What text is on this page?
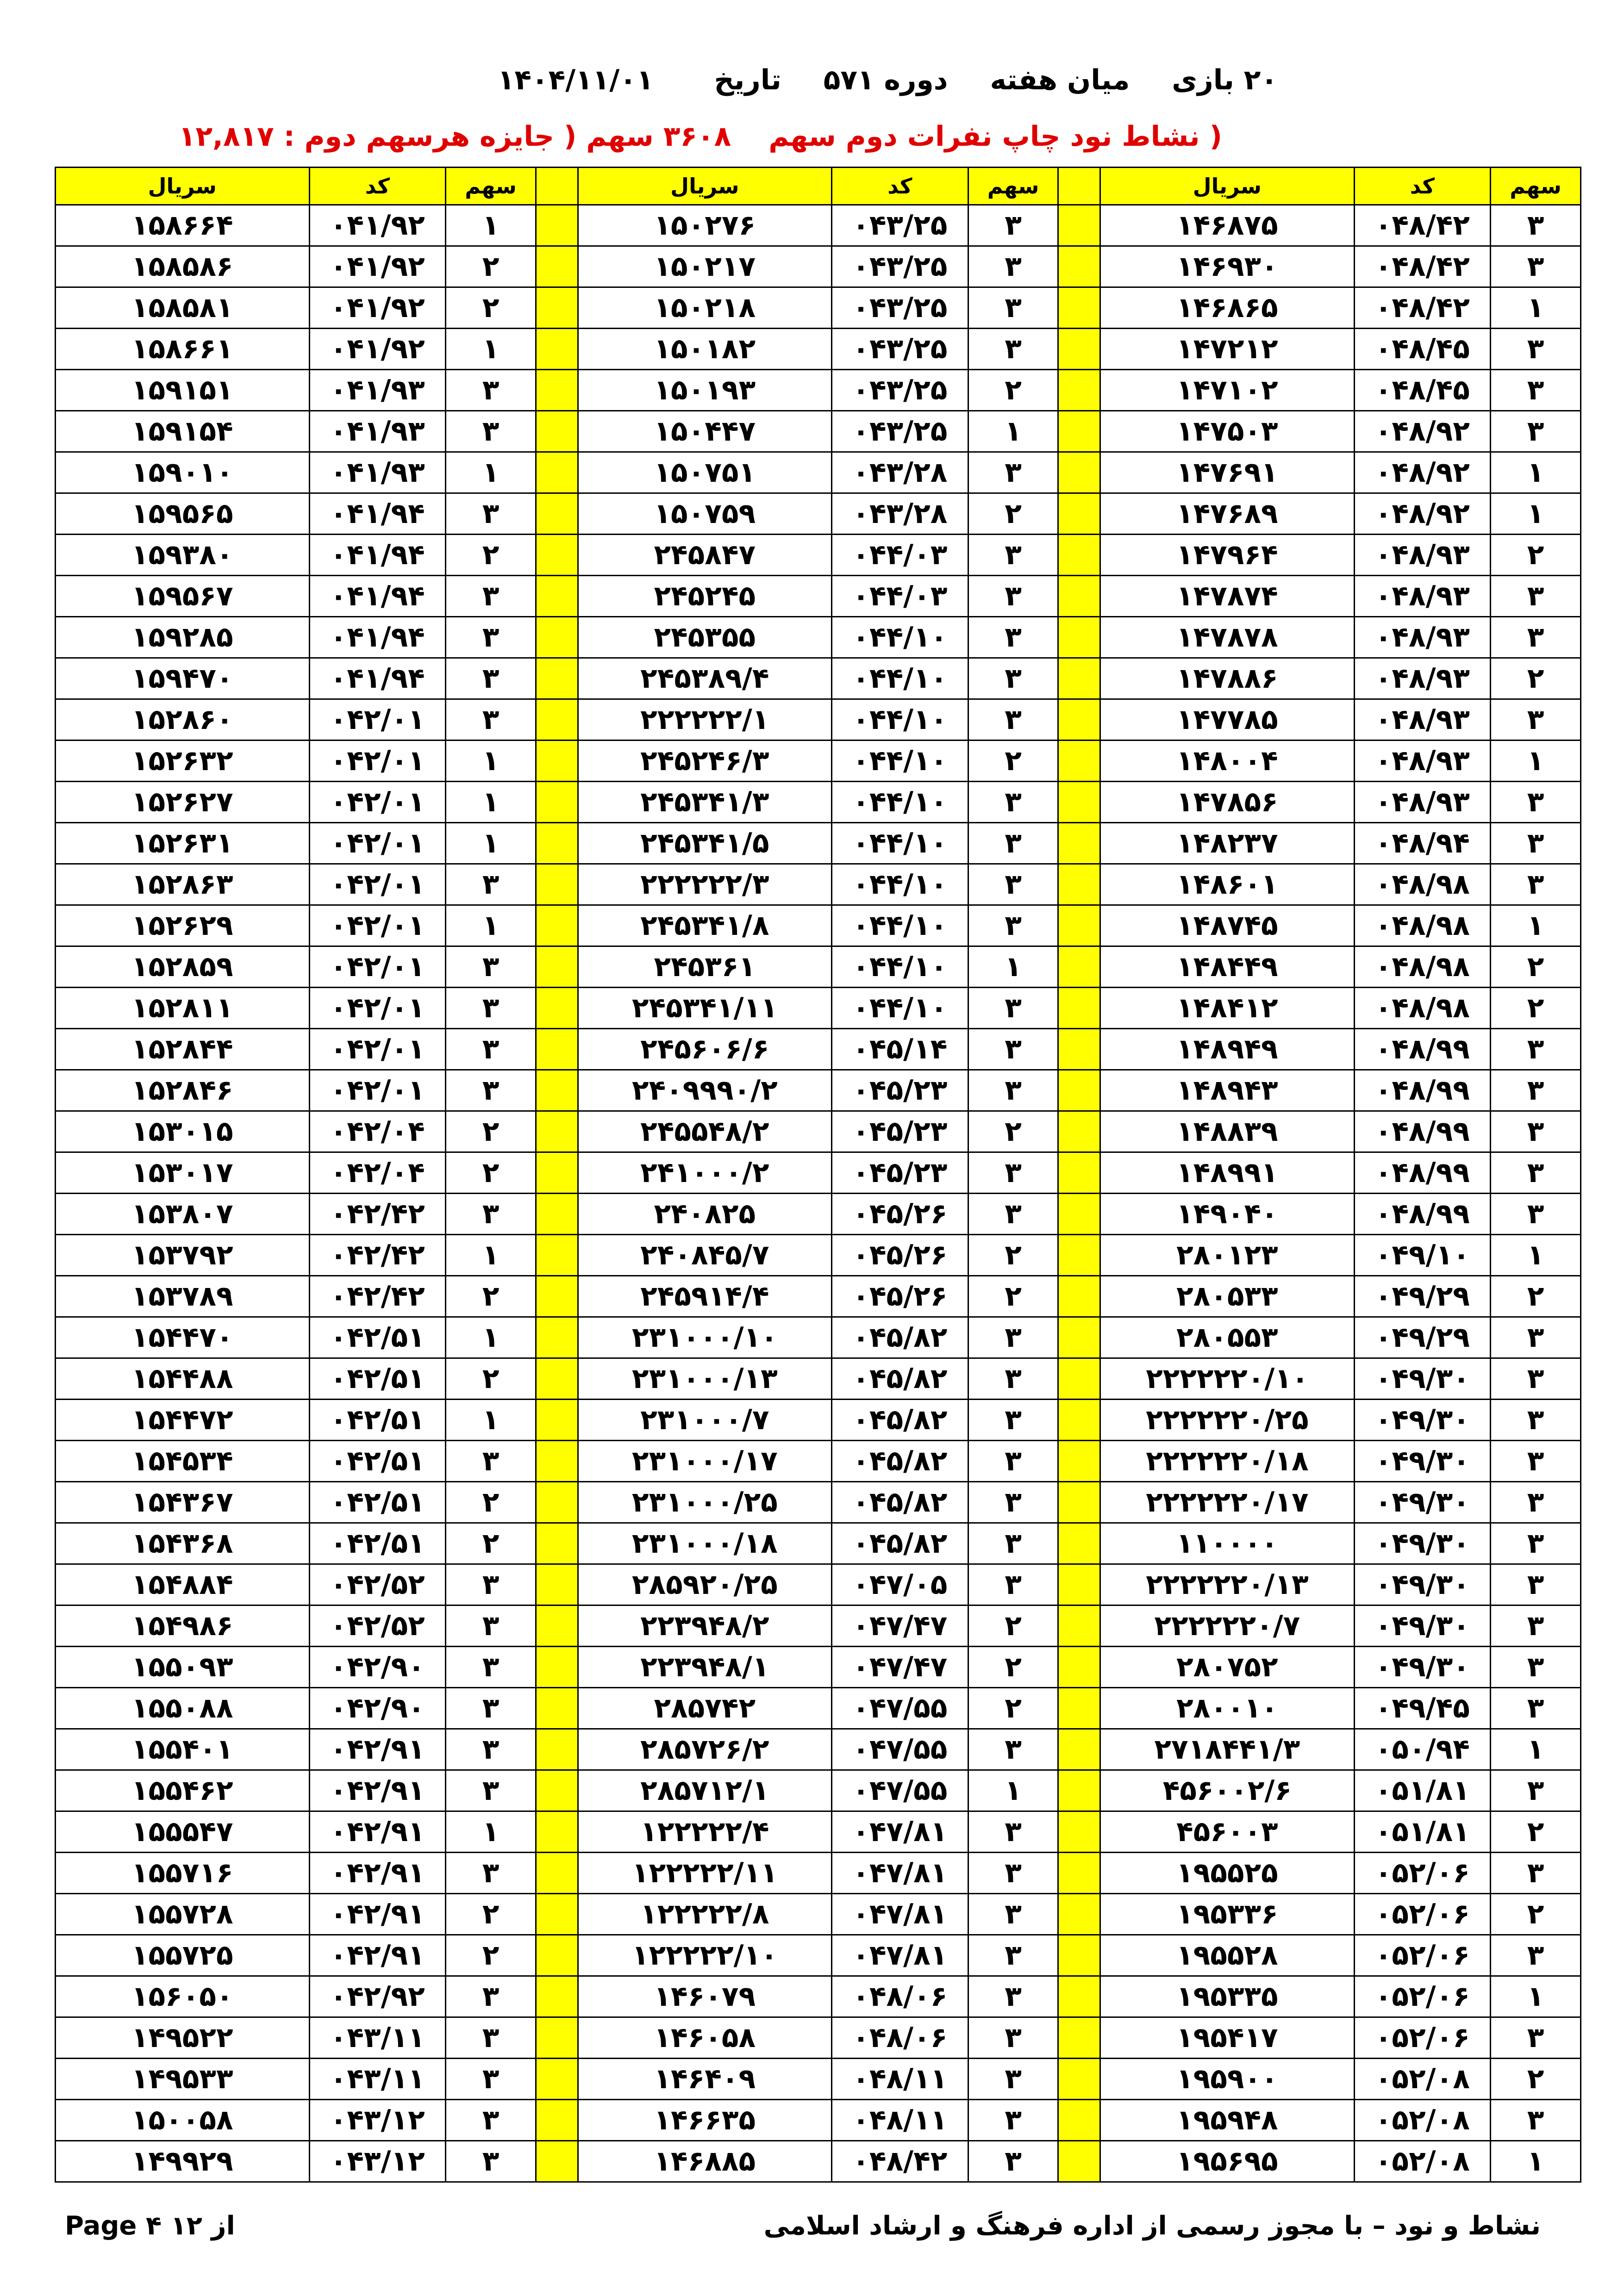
۲۰ بازی میان هفته دوره ۵۷۱ تاریخ ۱۴۰۴/۱۱/۰۱
( نشاط نود چاپ نفرات دوم سهم ۳۶۰۸ سهم ( جایزه هرسهم دوم : ۱۲,۸۱۷
سهم	کد	سریال		سهم	کد	سریال		سهم	کد	سریال
۳	۰۴۸/۴۲	۱۴۶۸۷۵		۳	۰۴۳/۲۵	۱۵۰۲۷۶		۱	۰۴۱/۹۲	۱۵۸۶۶۴
۳	۰۴۸/۴۲	۱۴۶۹۳۰		۳	۰۴۳/۲۵	۱۵۰۲۱۷		۲	۰۴۱/۹۲	۱۵۸۵۸۶
۱	۰۴۸/۴۲	۱۴۶۸۶۵		۳	۰۴۳/۲۵	۱۵۰۲۱۸		۲	۰۴۱/۹۲	۱۵۸۵۸۱
۳	۰۴۸/۴۵	۱۴۷۲۱۲		۳	۰۴۳/۲۵	۱۵۰۱۸۲		۱	۰۴۱/۹۲	۱۵۸۶۶۱
۳	۰۴۸/۴۵	۱۴۷۱۰۲		۲	۰۴۳/۲۵	۱۵۰۱۹۳		۳	۰۴۱/۹۳	۱۵۹۱۵۱
۳	۰۴۸/۹۲	۱۴۷۵۰۳		۱	۰۴۳/۲۵	۱۵۰۴۴۷		۳	۰۴۱/۹۳	۱۵۹۱۵۴
۱	۰۴۸/۹۲	۱۴۷۶۹۱		۳	۰۴۳/۲۸	۱۵۰۷۵۱		۱	۰۴۱/۹۳	۱۵۹۰۱۰
۱	۰۴۸/۹۲	۱۴۷۶۸۹		۲	۰۴۳/۲۸	۱۵۰۷۵۹		۳	۰۴۱/۹۴	۱۵۹۵۶۵
۲	۰۴۸/۹۳	۱۴۷۹۶۴		۳	۰۴۴/۰۳	۲۴۵۸۴۷		۲	۰۴۱/۹۴	۱۵۹۳۸۰
۳	۰۴۸/۹۳	۱۴۷۸۷۴		۳	۰۴۴/۰۳	۲۴۵۲۴۵		۳	۰۴۱/۹۴	۱۵۹۵۶۷
۳	۰۴۸/۹۳	۱۴۷۸۷۸		۳	۰۴۴/۱۰	۲۴۵۳۵۵		۳	۰۴۱/۹۴	۱۵۹۲۸۵
۲	۰۴۸/۹۳	۱۴۷۸۸۶		۳	۰۴۴/۱۰	۲۴۵۳۸۹/۴		۳	۰۴۱/۹۴	۱۵۹۴۷۰
۳	۰۴۸/۹۳	۱۴۷۷۸۵		۳	۰۴۴/۱۰	۲۲۲۲۲۲/۱		۳	۰۴۲/۰۱	۱۵۲۸۶۰
۱	۰۴۸/۹۳	۱۴۸۰۰۴		۲	۰۴۴/۱۰	۲۴۵۲۴۶/۳		۱	۰۴۲/۰۱	۱۵۲۶۳۲
۳	۰۴۸/۹۳	۱۴۷۸۵۶		۳	۰۴۴/۱۰	۲۴۵۳۴۱/۳		۱	۰۴۲/۰۱	۱۵۲۶۲۷
۳	۰۴۸/۹۴	۱۴۸۲۳۷		۳	۰۴۴/۱۰	۲۴۵۳۴۱/۵		۱	۰۴۲/۰۱	۱۵۲۶۳۱
۳	۰۴۸/۹۸	۱۴۸۶۰۱		۳	۰۴۴/۱۰	۲۲۲۲۲۲/۳		۳	۰۴۲/۰۱	۱۵۲۸۶۳
۱	۰۴۸/۹۸	۱۴۸۷۴۵		۳	۰۴۴/۱۰	۲۴۵۳۴۱/۸		۱	۰۴۲/۰۱	۱۵۲۶۲۹
۲	۰۴۸/۹۸	۱۴۸۴۴۹		۱	۰۴۴/۱۰	۲۴۵۳۶۱		۳	۰۴۲/۰۱	۱۵۲۸۵۹
۲	۰۴۸/۹۸	۱۴۸۴۱۲		۳	۰۴۴/۱۰	۲۴۵۳۴۱/۱۱		۳	۰۴۲/۰۱	۱۵۲۸۱۱
۳	۰۴۸/۹۹	۱۴۸۹۴۹		۳	۰۴۵/۱۴	۲۴۵۶۰۶/۶		۳	۰۴۲/۰۱	۱۵۲۸۴۴
۳	۰۴۸/۹۹	۱۴۸۹۴۳		۳	۰۴۵/۲۳	۲۴۰۹۹۹۰/۲		۳	۰۴۲/۰۱	۱۵۲۸۴۶
۳	۰۴۸/۹۹	۱۴۸۸۳۹		۲	۰۴۵/۲۳	۲۴۵۵۴۸/۲		۲	۰۴۲/۰۴	۱۵۳۰۱۵
۳	۰۴۸/۹۹	۱۴۸۹۹۱		۳	۰۴۵/۲۳	۲۴۱۰۰۰/۲		۲	۰۴۲/۰۴	۱۵۳۰۱۷
۳	۰۴۸/۹۹	۱۴۹۰۴۰		۳	۰۴۵/۲۶	۲۴۰۸۲۵		۳	۰۴۲/۴۲	۱۵۳۸۰۷
۱	۰۴۹/۱۰	۲۸۰۱۲۳		۲	۰۴۵/۲۶	۲۴۰۸۴۵/۷		۱	۰۴۲/۴۲	۱۵۳۷۹۲
۲	۰۴۹/۲۹	۲۸۰۵۳۳		۲	۰۴۵/۲۶	۲۴۵۹۱۴/۴		۲	۰۴۲/۴۲	۱۵۳۷۸۹
۳	۰۴۹/۲۹	۲۸۰۵۵۳		۳	۰۴۵/۸۲	۲۳۱۰۰۰/۱۰		۱	۰۴۲/۵۱	۱۵۴۴۷۰
۳	۰۴۹/۳۰	۲۲۲۲۲۲۰/۱۰		۳	۰۴۵/۸۲	۲۳۱۰۰۰/۱۳		۲	۰۴۲/۵۱	۱۵۴۴۸۸
۳	۰۴۹/۳۰	۲۲۲۲۲۲۰/۲۵		۳	۰۴۵/۸۲	۲۳۱۰۰۰/۷		۱	۰۴۲/۵۱	۱۵۴۴۷۲
۳	۰۴۹/۳۰	۲۲۲۲۲۲۰/۱۸		۳	۰۴۵/۸۲	۲۳۱۰۰۰/۱۷		۳	۰۴۲/۵۱	۱۵۴۵۳۴
۳	۰۴۹/۳۰	۲۲۲۲۲۲۰/۱۷		۳	۰۴۵/۸۲	۲۳۱۰۰۰/۲۵		۲	۰۴۲/۵۱	۱۵۴۳۶۷
۳	۰۴۹/۳۰	۱۱۰۰۰۰		۳	۰۴۵/۸۲	۲۳۱۰۰۰/۱۸		۲	۰۴۲/۵۱	۱۵۴۳۶۸
۳	۰۴۹/۳۰	۲۲۲۲۲۲۰/۱۳		۳	۰۴۷/۰۵	۲۸۵۹۲۰/۲۵		۳	۰۴۲/۵۲	۱۵۴۸۸۴
۳	۰۴۹/۳۰	۲۲۲۲۲۲۰/۷		۲	۰۴۷/۴۷	۲۲۳۹۴۸/۲		۳	۰۴۲/۵۲	۱۵۴۹۸۶
۳	۰۴۹/۳۰	۲۸۰۷۵۲		۲	۰۴۷/۴۷	۲۲۳۹۴۸/۱		۳	۰۴۲/۹۰	۱۵۵۰۹۳
۳	۰۴۹/۴۵	۲۸۰۰۱۰		۲	۰۴۷/۵۵	۲۸۵۷۴۲		۳	۰۴۲/۹۰	۱۵۵۰۸۸
۱	۰۵۰/۹۴	۲۷۱۸۴۴۱/۳		۳	۰۴۷/۵۵	۲۸۵۷۲۶/۲		۳	۰۴۲/۹۱	۱۵۵۴۰۱
۳	۰۵۱/۸۱	۴۵۶۰۰۲/۶		۱	۰۴۷/۵۵	۲۸۵۷۱۲/۱		۳	۰۴۲/۹۱	۱۵۵۴۶۲
۲	۰۵۱/۸۱	۴۵۶۰۰۳		۳	۰۴۷/۸۱	۱۲۲۲۲۲/۴		۱	۰۴۲/۹۱	۱۵۵۵۴۷
۳	۰۵۲/۰۶	۱۹۵۵۲۵		۳	۰۴۷/۸۱	۱۲۲۲۲۲/۱۱		۳	۰۴۲/۹۱	۱۵۵۷۱۶
۲	۰۵۲/۰۶	۱۹۵۳۳۶		۳	۰۴۷/۸۱	۱۲۲۲۲۲/۸		۲	۰۴۲/۹۱	۱۵۵۷۲۸
۳	۰۵۲/۰۶	۱۹۵۵۲۸		۳	۰۴۷/۸۱	۱۲۲۲۲۲/۱۰		۲	۰۴۲/۹۱	۱۵۵۷۲۵
۱	۰۵۲/۰۶	۱۹۵۳۳۵		۳	۰۴۸/۰۶	۱۴۶۰۷۹		۳	۰۴۲/۹۲	۱۵۶۰۵۰
۳	۰۵۲/۰۶	۱۹۵۴۱۷		۳	۰۴۸/۰۶	۱۴۶۰۵۸		۳	۰۴۳/۱۱	۱۴۹۵۲۲
۲	۰۵۲/۰۸	۱۹۵۹۰۰		۳	۰۴۸/۱۱	۱۴۶۴۰۹		۳	۰۴۳/۱۱	۱۴۹۵۳۳
۳	۰۵۲/۰۸	۱۹۵۹۴۸		۳	۰۴۸/۱۱	۱۴۶۶۳۵		۳	۰۴۳/۱۲	۱۵۰۰۵۸
۱	۰۵۲/۰۸	۱۹۵۶۹۵		۳	۰۴۸/۴۲	۱۴۶۸۸۵		۳	۰۴۳/۱۲	۱۴۹۹۲۹
نشاط و نود – با مجوز رسمی از اداره فرهنگ و ارشاد اسلامی
Page ۴ از ۱۲
